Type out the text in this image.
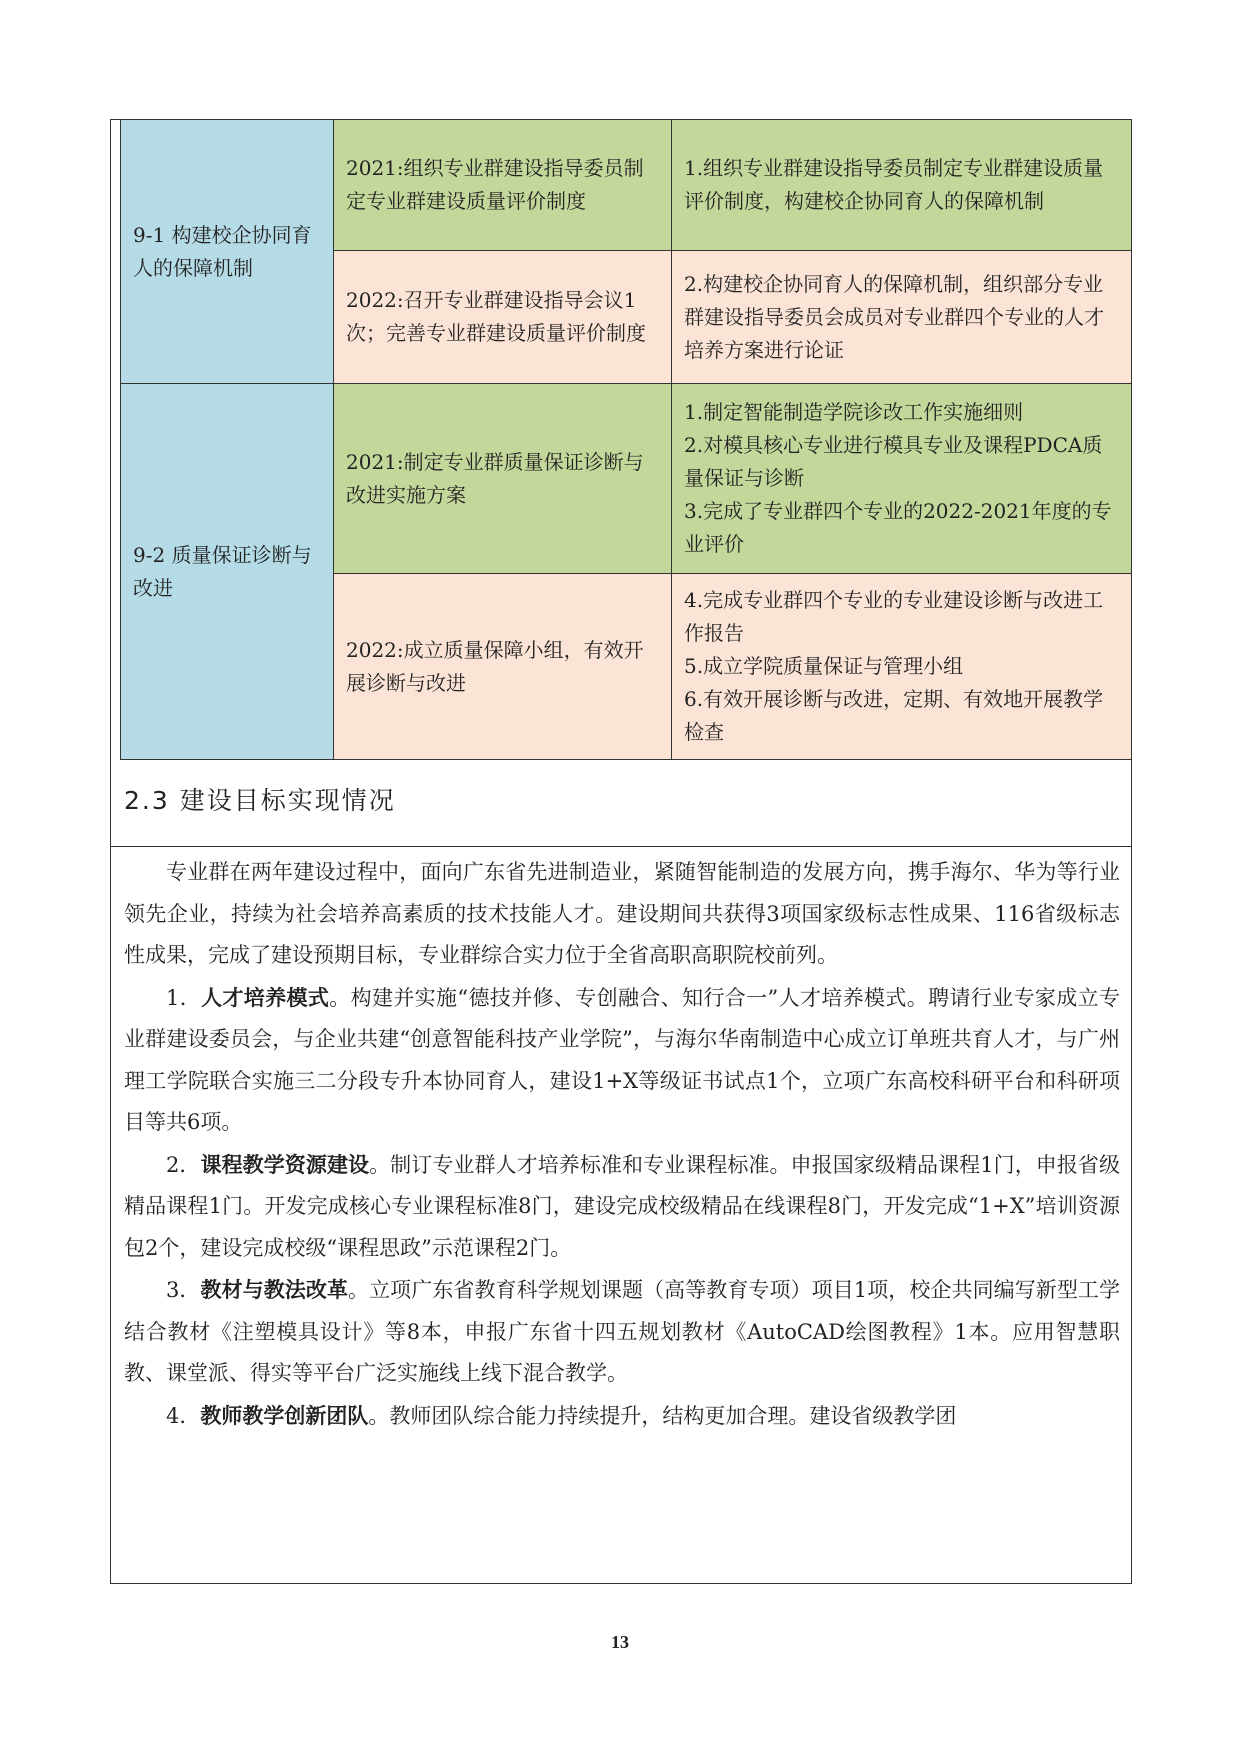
9-1 构建校企协同育人的保障机制	2021:组织专业群建设指导委员制定专业群建设质量评价制度	1.组织专业群建设指导委员制定专业群建设质量评价制度，构建校企协同育人的保障机制
	2022:召开专业群建设指导会议1次；完善专业群建设质量评价制度	2.构建校企协同育人的保障机制，组织部分专业群建设指导委员会成员对专业群四个专业的人才培养方案进行论证
9-2 质量保证诊断与改进	2021:制定专业群质量保证诊断与改进实施方案	1.制定智能制造学院诊改工作实施细则
2.对模具核心专业进行模具专业及课程PDCA质量保证与诊断
3.完成了专业群四个专业的2022-2021年度的专业评价

	2022:成立质量保障小组，有效开展诊断与改进	4.完成专业群四个专业的专业建设诊断与改进工作报告
5.成立学院质量保证与管理小组
6.有效开展诊断与改进，定期、有效地开展教学检查
2.3 建设目标实现情况

专业群在两年建设过程中，面向广东省先进制造业，紧随智能制造的发展方向，携手海尔、华为等行业领先企业，持续为社会培养高素质的技术技能人才。建设期间共获得3项国家级标志性成果、116省级标志性成果，完成了建设预期目标，专业群综合实力位于全省高职高职院校前列。

1．人才培养模式。构建并实施“德技并修、专创融合、知行合一”人才培养模式。聘请行业专家成立专业群建设委员会，与企业共建“创意智能科技产业学院”，与海尔华南制造中心成立订单班共育人才，与广州理工学院联合实施三二分段专升本协同育人，建设1+X等级证书试点1个，立项广东高校科研平台和科研项目等共6项。

2．课程教学资源建设。制订专业群人才培养标准和专业课程标准。申报国家级精品课程1门，申报省级精品课程1门。开发完成核心专业课程标准8门，建设完成校级精品在线课程8门，开发完成“1+X”培训资源包2个，建设完成校级“课程思政”示范课程2门。

3．教材与教法改革。立项广东省教育科学规划课题（高等教育专项）项目1项，校企共同编写新型工学结合教材《注塑模具设计》等8本，申报广东省十四五规划教材《AutoCAD绘图教程》1本。应用智慧职教、课堂派、得实等平台广泛实施线上线下混合教学。

4．教师教学创新团队。教师团队综合能力持续提升，结构更加合理。建设省级教学团

13
